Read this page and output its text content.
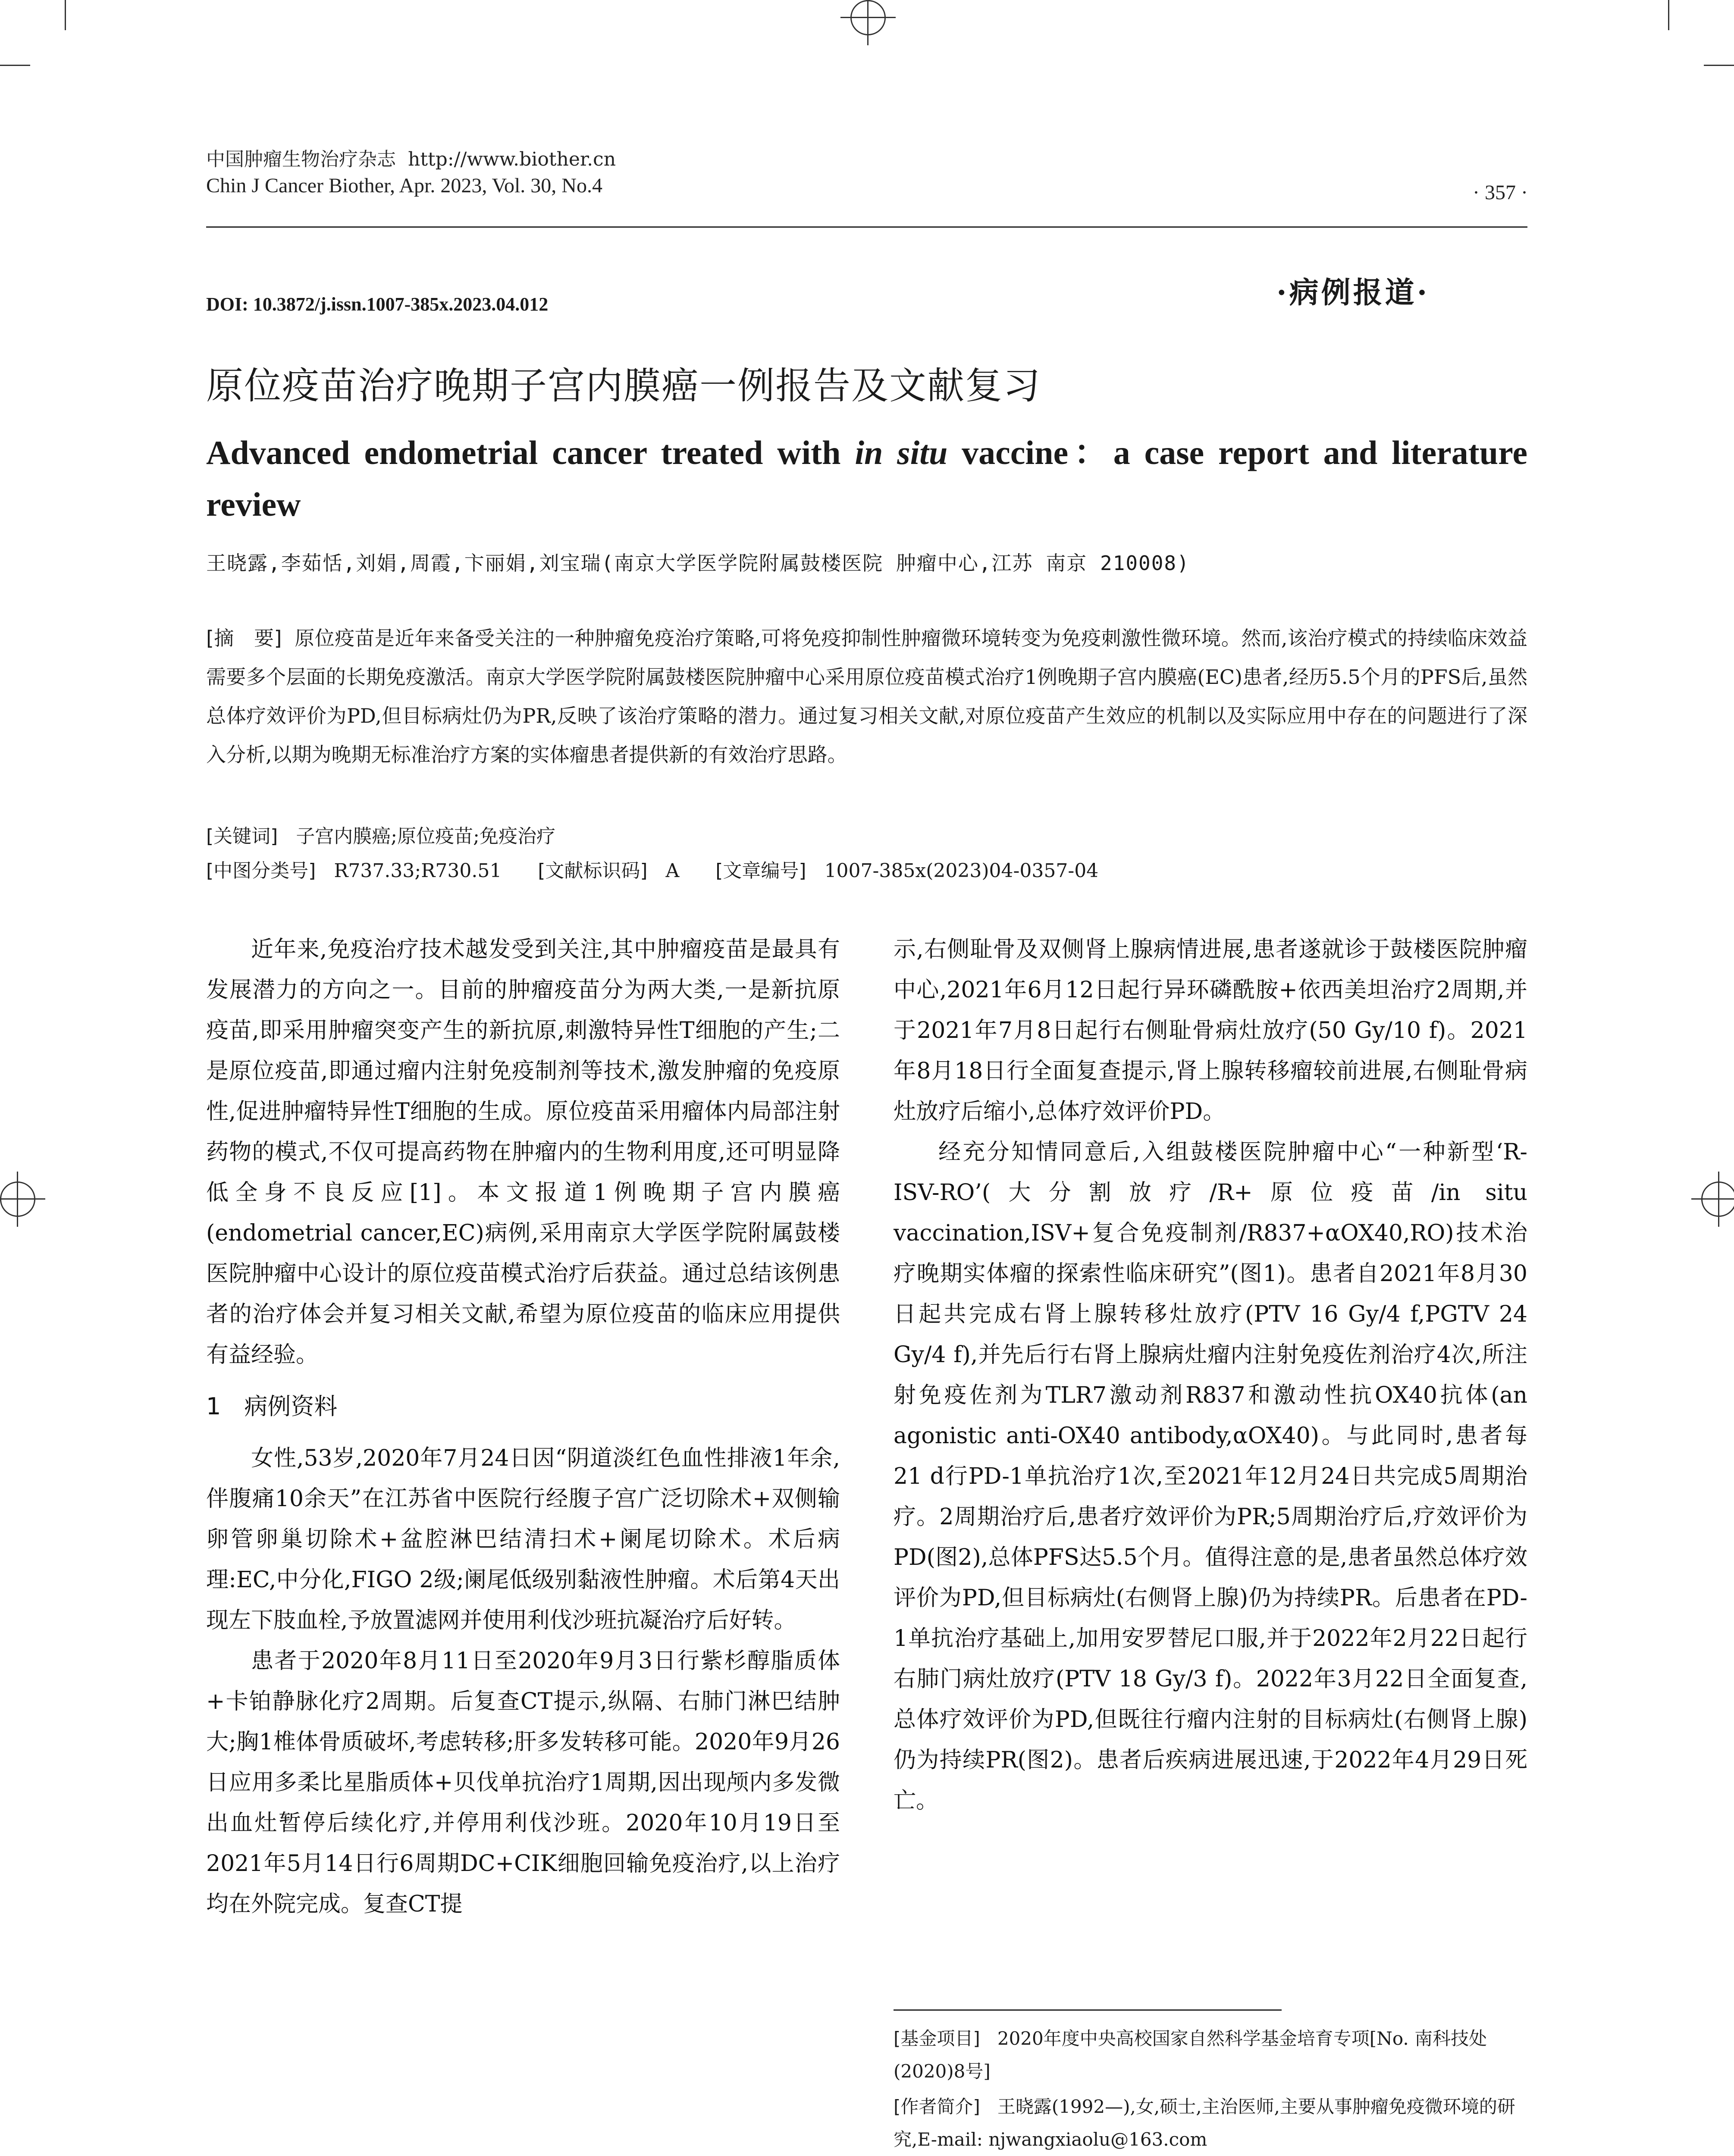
中国肿瘤生物治疗杂志 http://www.biother.cn
Chin J Cancer Biother, Apr. 2023, Vol. 30, No.4	· 357 ·
DOI: 10.3872/j.issn.1007-385x.2023.04.012	·病例报道·
原位疫苗治疗晚期子宫内膜癌一例报告及文献复习
Advanced endometrial cancer treated with in situ vaccine：a case report and literature review
王晓露,李茹恬,刘娟,周霞,卞丽娟,刘宝瑞(南京大学医学院附属鼓楼医院 肿瘤中心,江苏 南京 210008)
[摘　要] 原位疫苗是近年来备受关注的一种肿瘤免疫治疗策略,可将免疫抑制性肿瘤微环境转变为免疫刺激性微环境。然而,该治疗模式的持续临床效益需要多个层面的长期免疫激活。南京大学医学院附属鼓楼医院肿瘤中心采用原位疫苗模式治疗1例晚期子宫内膜癌(EC)患者,经历5.5个月的PFS后,虽然总体疗效评价为PD,但目标病灶仍为PR,反映了该治疗策略的潜力。通过复习相关文献,对原位疫苗产生效应的机制以及实际应用中存在的问题进行了深入分析,以期为晚期无标准治疗方案的实体瘤患者提供新的有效治疗思路。
[关键词] 子宫内膜癌;原位疫苗;免疫治疗
[中图分类号] R737.33;R730.51 [文献标识码] A [文章编号] 1007-385x(2023)04-0357-04

近年来,免疫治疗技术越发受到关注,其中肿瘤疫苗是最具有发展潜力的方向之一。目前的肿瘤疫苗分为两大类,一是新抗原疫苗,即采用肿瘤突变产生的新抗原,刺激特异性T细胞的产生;二是原位疫苗,即通过瘤内注射免疫制剂等技术,激发肿瘤的免疫原性,促进肿瘤特异性T细胞的生成。原位疫苗采用瘤体内局部注射药物的模式,不仅可提高药物在肿瘤内的生物利用度,还可明显降低全身不良反应[1]。本文报道1例晚期子宫内膜癌(endometrial cancer,EC)病例,采用南京大学医学院附属鼓楼医院肿瘤中心设计的原位疫苗模式治疗后获益。通过总结该例患者的治疗体会并复习相关文献,希望为原位疫苗的临床应用提供有益经验。

1　病例资料

女性,53岁,2020年7月24日因“阴道淡红色血性排液1年余,伴腹痛10余天”在江苏省中医院行经腹子宫广泛切除术+双侧输卵管卵巢切除术+盆腔淋巴结清扫术+阑尾切除术。术后病理:EC,中分化,FIGO 2级;阑尾低级别黏液性肿瘤。术后第4天出现左下肢血栓,予放置滤网并使用利伐沙班抗凝治疗后好转。

患者于2020年8月11日至2020年9月3日行紫杉醇脂质体+卡铂静脉化疗2周期。后复查CT提示,纵隔、右肺门淋巴结肿大;胸1椎体骨质破坏,考虑转移;肝多发转移可能。2020年9月26日应用多柔比星脂质体+贝伐单抗治疗1周期,因出现颅内多发微出血灶暂停后续化疗,并停用利伐沙班。2020年10月19日至2021年5月14日行6周期DC+CIK细胞回输免疫治疗,以上治疗均在外院完成。复查CT提

示,右侧耻骨及双侧肾上腺病情进展,患者遂就诊于鼓楼医院肿瘤中心,2021年6月12日起行异环磷酰胺+依西美坦治疗2周期,并于2021年7月8日起行右侧耻骨病灶放疗(50 Gy/10 f)。2021年8月18日行全面复查提示,肾上腺转移瘤较前进展,右侧耻骨病灶放疗后缩小,总体疗效评价PD。

经充分知情同意后,入组鼓楼医院肿瘤中心“一种新型‘R-ISV-RO’(大分割放疗/R+原位疫苗/in situ vaccination,ISV+复合免疫制剂/R837+αOX40,RO)技术治疗晚期实体瘤的探索性临床研究”(图1)。患者自2021年8月30日起共完成右肾上腺转移灶放疗(PTV 16 Gy/4 f,PGTV 24 Gy/4 f),并先后行右肾上腺病灶瘤内注射免疫佐剂治疗4次,所注射免疫佐剂为TLR7激动剂R837和激动性抗OX40抗体(an agonistic anti-OX40 antibody,αOX40)。与此同时,患者每21 d行PD-1单抗治疗1次,至2021年12月24日共完成5周期治疗。2周期治疗后,患者疗效评价为PR;5周期治疗后,疗效评价为PD(图2),总体PFS达5.5个月。值得注意的是,患者虽然总体疗效评价为PD,但目标病灶(右侧肾上腺)仍为持续PR。后患者在PD-1单抗治疗基础上,加用安罗替尼口服,并于2022年2月22日起行右肺门病灶放疗(PTV 18 Gy/3 f)。2022年3月22日全面复查,总体疗效评价为PD,但既往行瘤内注射的目标病灶(右侧肾上腺)仍为持续PR(图2)。患者后疾病进展迅速,于2022年4月29日死亡。

[基金项目] 2020年度中央高校国家自然科学基金培育专项[No. 南科技处(2020)8号]

[作者简介] 王晓露(1992—),女,硕士,主治医师,主要从事肿瘤免疫微环境的研究,E-mail: njwangxiaolu@163.com
